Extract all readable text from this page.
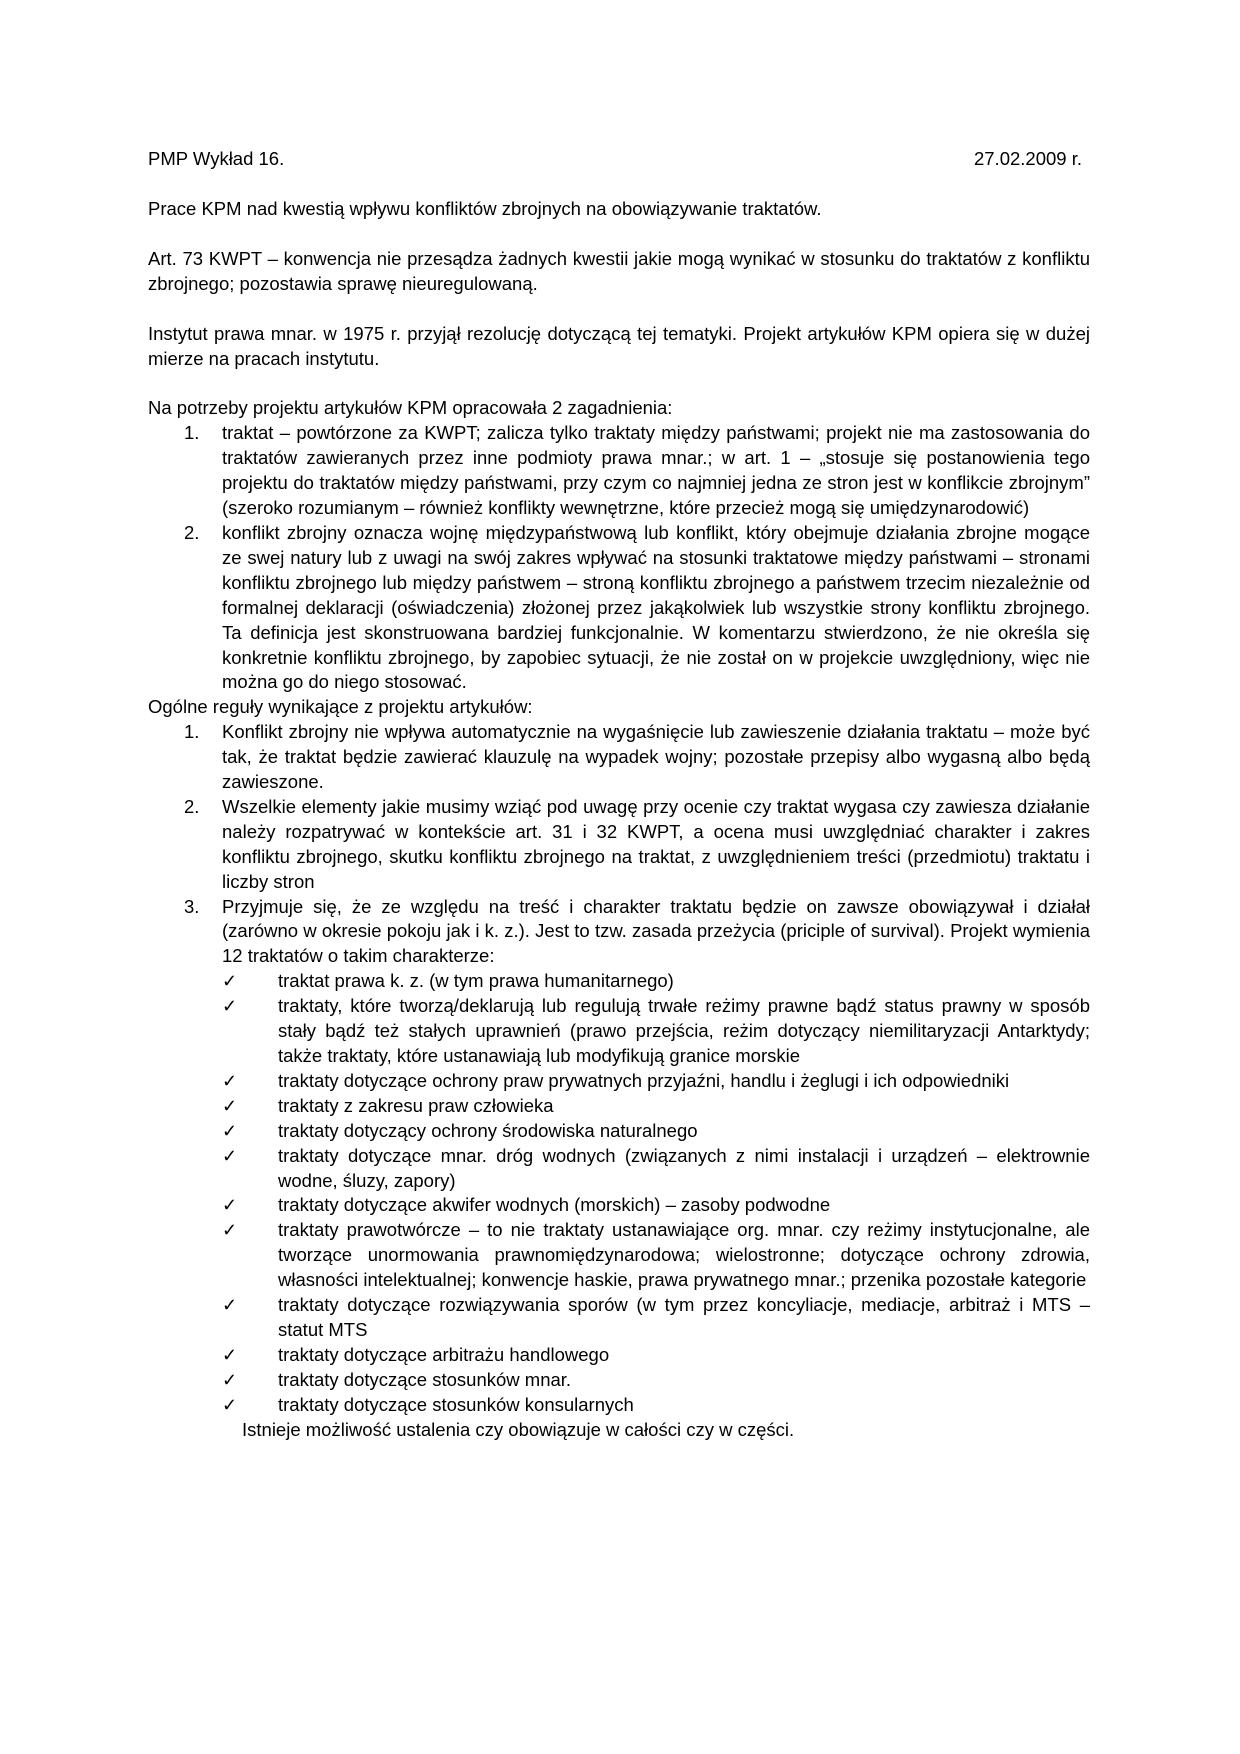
PMP Wykład 16.	27.02.2009 r.

Prace KPM nad kwestią wpływu konfliktów zbrojnych na obowiązywanie traktatów.

Art. 73 KWPT – konwencja nie przesądza żadnych kwestii jakie mogą wynikać w stosunku do traktatów z konfliktu zbrojnego; pozostawia sprawę nieuregulowaną.

Instytut prawa mnar. w 1975 r. przyjął rezolucję dotyczącą tej tematyki. Projekt artykułów KPM opiera się w dużej mierze na pracach instytutu.

Na potrzeby projektu artykułów KPM opracowała 2 zagadnienia:

1. traktat – powtórzone za KWPT; zalicza tylko traktaty między państwami; projekt nie ma zastosowania do traktatów zawieranych przez inne podmioty prawa mnar.; w art. 1 – „stosuje się postanowienia tego projektu do traktatów między państwami, przy czym co najmniej jedna ze stron jest w konflikcie zbrojnym” (szeroko rozumianym – również konflikty wewnętrzne, które przecież mogą się umiędzynarodowić)
2. konflikt zbrojny oznacza wojnę międzypaństwową lub konflikt, który obejmuje działania zbrojne mogące ze swej natury lub z uwagi na swój zakres wpływać na stosunki traktatowe między państwami – stronami konfliktu zbrojnego lub między państwem – stroną konfliktu zbrojnego a państwem trzecim niezależnie od formalnej deklaracji (oświadczenia) złożonej przez jakąkolwiek lub wszystkie strony konfliktu zbrojnego. Ta definicja jest skonstruowana bardziej funkcjonalnie. W komentarzu stwierdzono, że nie określa się konkretnie konfliktu zbrojnego, by zapobiec sytuacji, że nie został on w projekcie uwzględniony, więc nie można go do niego stosować.

Ogólne reguły wynikające z projektu artykułów:

1. Konflikt zbrojny nie wpływa automatycznie na wygaśnięcie lub zawieszenie działania traktatu – może być tak, że traktat będzie zawierać klauzulę na wypadek wojny; pozostałe przepisy albo wygasną albo będą zawieszone.
2. Wszelkie elementy jakie musimy wziąć pod uwagę przy ocenie czy traktat wygasa czy zawiesza działanie należy rozpatrywać w kontekście art. 31 i 32 KWPT, a ocena musi uwzględniać charakter i zakres konfliktu zbrojnego, skutku konfliktu zbrojnego na traktat, z uwzględnieniem treści (przedmiotu) traktatu i liczby stron
3. Przyjmuje się, że ze względu na treść i charakter traktatu będzie on zawsze obowiązywał i działał (zarówno w okresie pokoju jak i k. z.). Jest to tzw. zasada przeżycia (priciple of survival). Projekt wymienia 12 traktatów o takim charakterze:
✓ traktat prawa k. z. (w tym prawa humanitarnego)
✓ traktaty, które tworzą/deklarują lub regulują trwałe reżimy prawne bądź status prawny w sposób stały bądź też stałych uprawnień (prawo przejścia, reżim dotyczący niemilitaryzacji Antarktydy; także traktaty, które ustanawiają lub modyfikują granice morskie
✓ traktaty dotyczące ochrony praw prywatnych przyjaźni, handlu i żeglugi i ich odpowiedniki
✓ traktaty z zakresu praw człowieka
✓ traktaty dotyczący ochrony środowiska naturalnego
✓ traktaty dotyczące mnar. dróg wodnych (związanych z nimi instalacji i urządzeń – elektrownie wodne, śluzy, zapory)
✓ traktaty dotyczące akwifer wodnych (morskich) – zasoby podwodne
✓ traktaty prawotwórcze – to nie traktaty ustanawiające org. mnar. czy reżimy instytucjonalne, ale tworzące unormowania prawnomiędzynarodowa; wielostronne; dotyczące ochrony zdrowia, własności intelektualnej; konwencje haskie, prawa prywatnego mnar.; przenika pozostałe kategorie
✓ traktaty dotyczące rozwiązywania sporów (w tym przez koncyliacje, mediacje, arbitraż i MTS – statut MTS
✓ traktaty dotyczące arbitrażu handlowego
✓ traktaty dotyczące stosunków mnar.
✓ traktaty dotyczące stosunków konsularnych

Istnieje możliwość ustalenia czy obowiązuje w całości czy w części.
